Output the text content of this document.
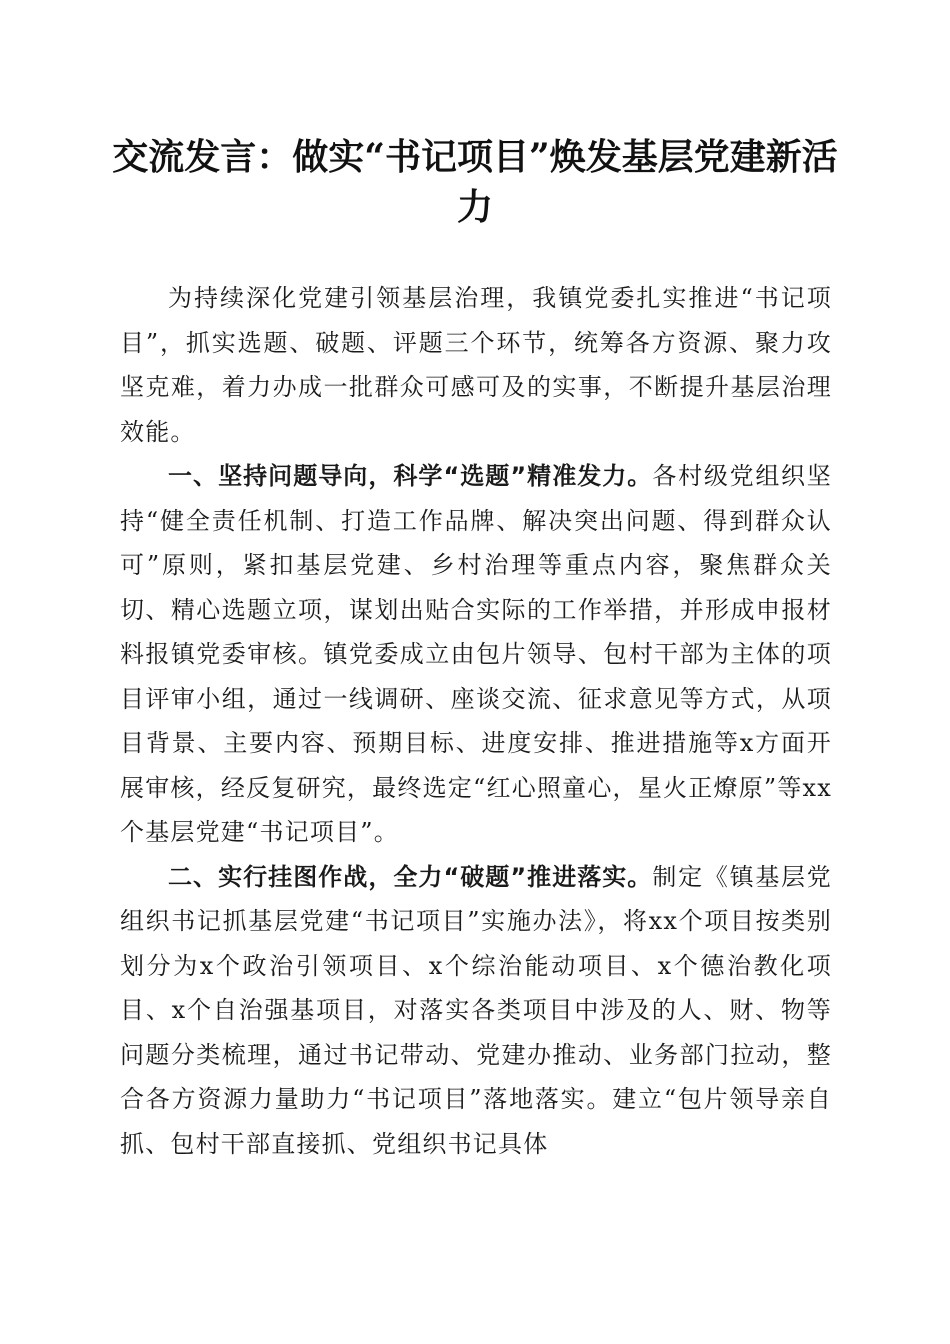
交流发言：做实“书记项目”焕发基层党建新活力

为持续深化党建引领基层治理，我镇党委扎实推进“书记项目”，抓实选题、破题、评题三个环节，统筹各方资源、聚力攻坚克难，着力办成一批群众可感可及的实事，不断提升基层治理效能。

一、坚持问题导向，科学“选题”精准发力。各村级党组织坚持“健全责任机制、打造工作品牌、解决突出问题、得到群众认可”原则，紧扣基层党建、乡村治理等重点内容，聚焦群众关切、精心选题立项，谋划出贴合实际的工作举措，并形成申报材料报镇党委审核。镇党委成立由包片领导、包村干部为主体的项目评审小组，通过一线调研、座谈交流、征求意见等方式，从项目背景、主要内容、预期目标、进度安排、推进措施等x方面开展审核，经反复研究，最终选定“红心照童心，星火正燎原”等xx个基层党建“书记项目”。

二、实行挂图作战，全力“破题”推进落实。制定《镇基层党组织书记抓基层党建“书记项目”实施办法》，将xx个项目按类别划分为x个政治引领项目、x个综治能动项目、x个德治教化项目、x个自治强基项目，对落实各类项目中涉及的人、财、物等问题分类梳理，通过书记带动、党建办推动、业务部门拉动，整合各方资源力量助力“书记项目”落地落实。建立“包片领导亲自抓、包村干部直接抓、党组织书记具体
